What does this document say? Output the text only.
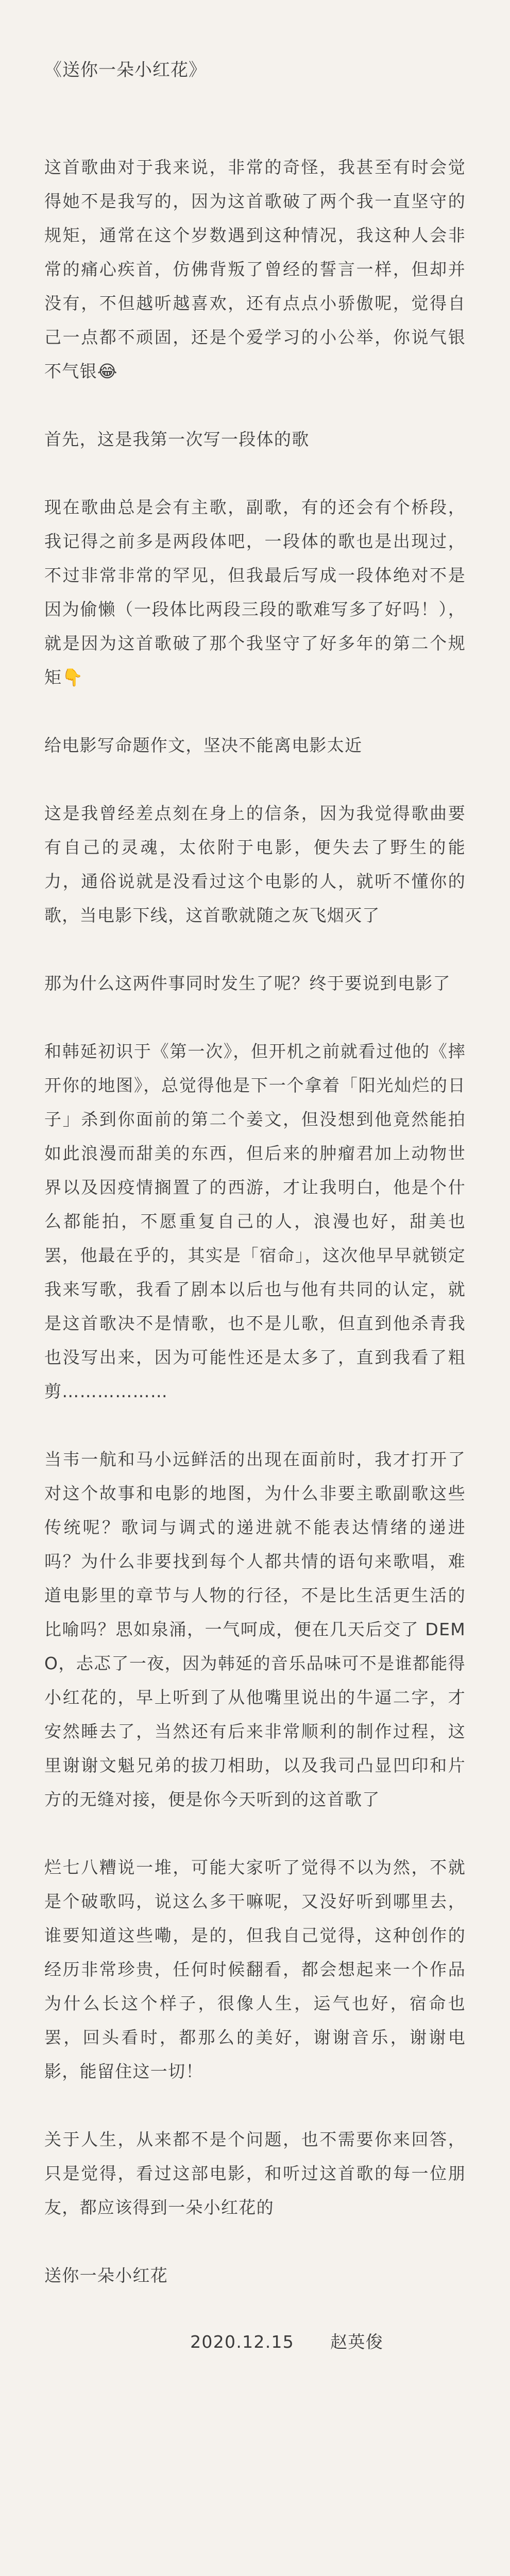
《送你一朵小红花》

这首歌曲对于我来说，非常的奇怪，我甚至有时会觉得她不是我写的，因为这首歌破了两个我一直坚守的规矩，通常在这个岁数遇到这种情况，我这种人会非常的痛心疾首，仿佛背叛了曾经的誓言一样，但却并没有，不但越听越喜欢，还有点点小骄傲呢，觉得自己一点都不顽固，还是个爱学习的小公举，你说气银不气银😂

首先，这是我第一次写一段体的歌

现在歌曲总是会有主歌，副歌，有的还会有个桥段，我记得之前多是两段体吧，一段体的歌也是出现过，不过非常非常的罕见，但我最后写成一段体绝对不是因为偷懒（一段体比两段三段的歌难写多了好吗！），就是因为这首歌破了那个我坚守了好多年的第二个规矩👇

给电影写命题作文，坚决不能离电影太近

这是我曾经差点刻在身上的信条，因为我觉得歌曲要有自己的灵魂，太依附于电影，便失去了野生的能力，通俗说就是没看过这个电影的人，就听不懂你的歌，当电影下线，这首歌就随之灰飞烟灭了

那为什么这两件事同时发生了呢？终于要说到电影了

和韩延初识于《第一次》，但开机之前就看过他的《摔开你的地图》，总觉得他是下一个拿着「阳光灿烂的日子」杀到你面前的第二个姜文，但没想到他竟然能拍如此浪漫而甜美的东西，但后来的肿瘤君加上动物世界以及因疫情搁置了的西游，才让我明白，他是个什么都能拍，不愿重复自己的人，浪漫也好，甜美也罢，他最在乎的，其实是「宿命」，这次他早早就锁定我来写歌，我看了剧本以后也与他有共同的认定，就是这首歌决不是情歌，也不是儿歌，但直到他杀青我也没写出来，因为可能性还是太多了，直到我看了粗剪………………

当韦一航和马小远鲜活的出现在面前时，我才打开了对这个故事和电影的地图，为什么非要主歌副歌这些传统呢？歌词与调式的递进就不能表达情绪的递进吗？为什么非要找到每个人都共情的语句来歌唱，难道电影里的章节与人物的行径，不是比生活更生活的比喻吗？思如泉涌，一气呵成，便在几天后交了 DEMO，忐忑了一夜，因为韩延的音乐品味可不是谁都能得小红花的，早上听到了从他嘴里说出的牛逼二字，才安然睡去了，当然还有后来非常顺利的制作过程，这里谢谢文魁兄弟的拔刀相助，以及我司凸显凹印和片方的无缝对接，便是你今天听到的这首歌了

烂七八糟说一堆，可能大家听了觉得不以为然，不就是个破歌吗，说这么多干嘛呢，又没好听到哪里去，谁要知道这些嘞，是的，但我自己觉得，这种创作的经历非常珍贵，任何时候翻看，都会想起来一个作品为什么长这个样子，很像人生，运气也好，宿命也罢，回头看时，都那么的美好，谢谢音乐，谢谢电影，能留住这一切！

关于人生，从来都不是个问题，也不需要你来回答，只是觉得，看过这部电影，和听过这首歌的每一位朋友，都应该得到一朵小红花的

送你一朵小红花

2020.12.15 赵英俊
